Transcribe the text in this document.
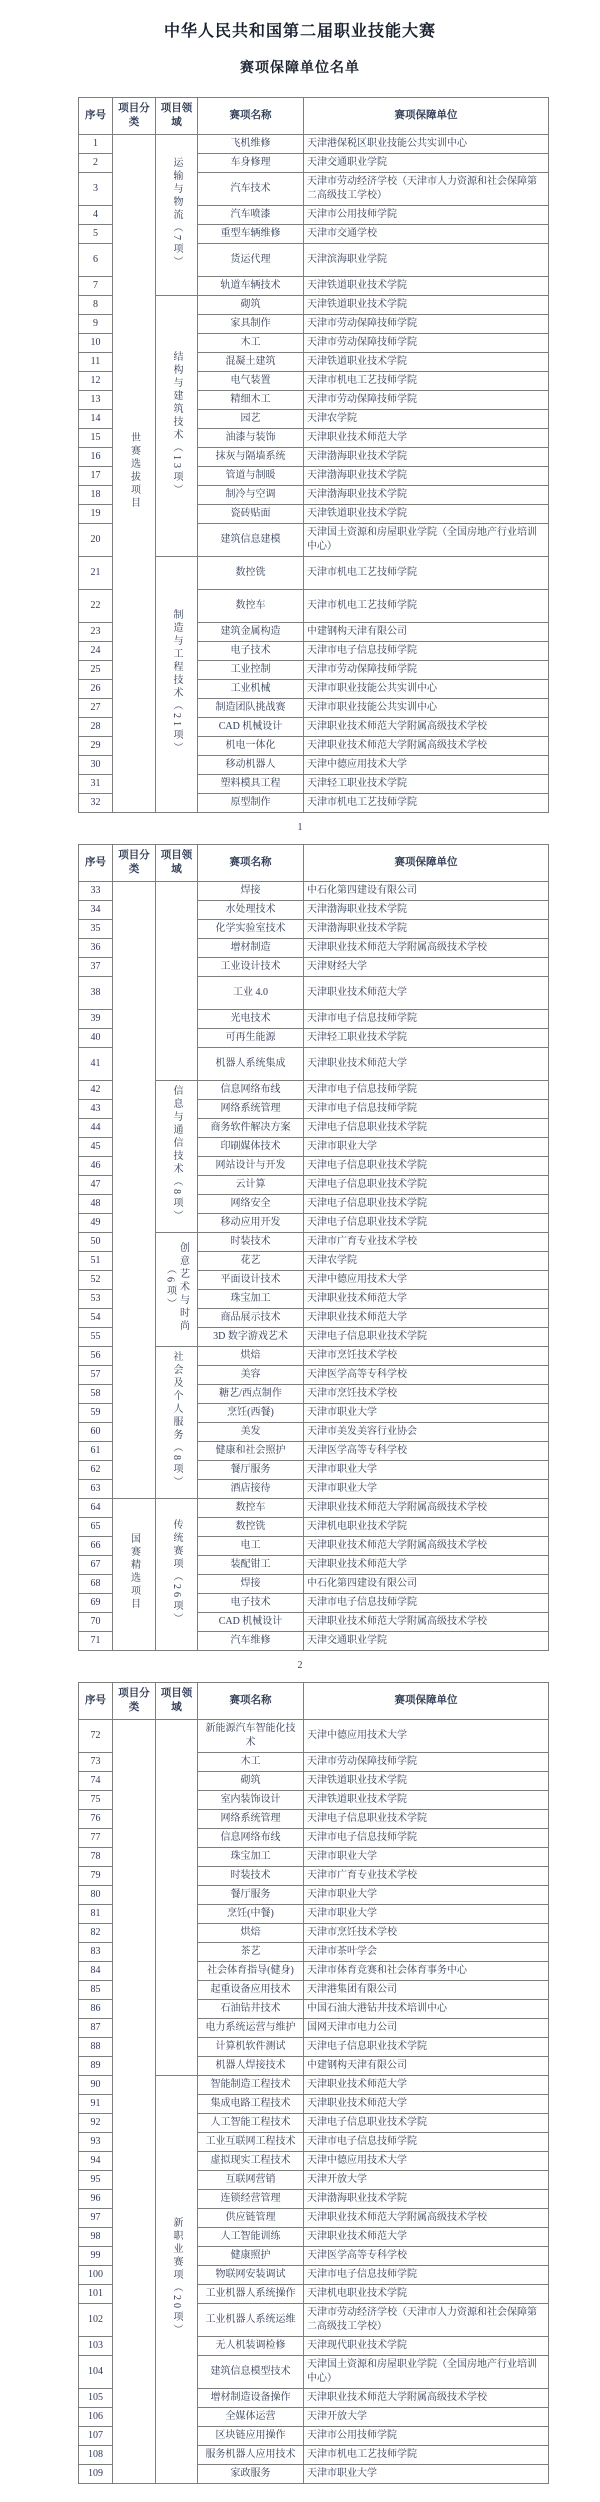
中华人民共和国第二届职业技能大赛
赛项保障单位名单
序号	项目分类	项目领域	赛项名称	赛项保障单位
1	世赛选拔项目	运输与物流（7项）	飞机维修	天津港保税区职业技能公共实训中心
2			车身修理	天津交通职业学院
3			汽车技术	天津市劳动经济学校（天津市人力资源和社会保障第二高级技工学校）
4			汽车喷漆	天津市公用技师学院
5			重型车辆维修	天津市交通学校
6			货运代理	天津滨海职业学院
7			轨道车辆技术	天津铁道职业技术学院
8		结构与建筑技术（13项）	砌筑	天津铁道职业技术学院
9			家具制作	天津市劳动保障技师学院
10			木工	天津市劳动保障技师学院
11			混凝土建筑	天津铁道职业技术学院
12			电气装置	天津市机电工艺技师学院
13			精细木工	天津市劳动保障技师学院
14			园艺	天津农学院
15			油漆与装饰	天津职业技术师范大学
16			抹灰与隔墙系统	天津渤海职业技术学院
17			管道与制暖	天津渤海职业技术学院
18			制冷与空调	天津渤海职业技术学院
19			瓷砖贴面	天津铁道职业技术学院
20			建筑信息建模	天津国土资源和房屋职业学院（全国房地产行业培训中心）
21		制造与工程技术（21项）	数控铣	天津市机电工艺技师学院
22			数控车	天津市机电工艺技师学院
23			建筑金属构造	中建钢构天津有限公司
24			电子技术	天津市电子信息技师学院
25			工业控制	天津市劳动保障技师学院
26			工业机械	天津市职业技能公共实训中心
27			制造团队挑战赛	天津市职业技能公共实训中心
28			CAD 机械设计	天津职业技术师范大学附属高级技术学校
29			机电一体化	天津职业技术师范大学附属高级技术学校
30			移动机器人	天津中德应用技术大学
31			塑料模具工程	天津轻工职业技术学院
32			原型制作	天津市机电工艺技师学院
1
序号	项目分类	项目领域	赛项名称	赛项保障单位
33			焊接	中石化第四建设有限公司
34			水处理技术	天津渤海职业技术学院
35			化学实验室技术	天津渤海职业技术学院
36			增材制造	天津职业技术师范大学附属高级技术学校
37			工业设计技术	天津财经大学
38			工业 4.0	天津职业技术师范大学
39			光电技术	天津市电子信息技师学院
40			可再生能源	天津轻工职业技术学院
41			机器人系统集成	天津职业技术师范大学
42		信息与通信技术（8项）	信息网络布线	天津市电子信息技师学院
43			网络系统管理	天津市电子信息技师学院
44			商务软件解决方案	天津电子信息职业技术学院
45			印刷媒体技术	天津市职业大学
46			网站设计与开发	天津电子信息职业技术学院
47			云计算	天津电子信息职业技术学院
48			网络安全	天津电子信息职业技术学院
49			移动应用开发	天津电子信息职业技术学院
50		创意艺术与时尚（6项）	时装技术	天津市广育专业技术学校
51			花艺	天津农学院
52			平面设计技术	天津中德应用技术大学
53			珠宝加工	天津职业技术师范大学
54			商品展示技术	天津职业技术师范大学
55			3D 数字游戏艺术	天津电子信息职业技术学院
56		社会及个人服务（8项）	烘焙	天津市烹饪技术学校
57			美容	天津医学高等专科学校
58			糖艺/西点制作	天津市烹饪技术学校
59			烹饪(西餐)	天津市职业大学
60			美发	天津市美发美容行业协会
61			健康和社会照护	天津医学高等专科学校
62			餐厅服务	天津市职业大学
63			酒店接待	天津市职业大学
64	国赛精选项目	传统赛项（26项）	数控车	天津职业技术师范大学附属高级技术学校
65			数控铣	天津机电职业技术学院
66			电工	天津职业技术师范大学附属高级技术学校
67			装配钳工	天津职业技术师范大学
68			焊接	中石化第四建设有限公司
69			电子技术	天津市电子信息技师学院
70			CAD 机械设计	天津职业技术师范大学附属高级技术学校
71			汽车维修	天津交通职业学院
2
序号	项目分类	项目领域	赛项名称	赛项保障单位
72			新能源汽车智能化技术	天津中德应用技术大学
73			木工	天津市劳动保障技师学院
74			砌筑	天津铁道职业技术学院
75			室内装饰设计	天津铁道职业技术学院
76			网络系统管理	天津电子信息职业技术学院
77			信息网络布线	天津市电子信息技师学院
78			珠宝加工	天津市职业大学
79			时装技术	天津市广育专业技术学校
80			餐厅服务	天津市职业大学
81			烹饪(中餐)	天津市职业大学
82			烘焙	天津市烹饪技术学校
83			茶艺	天津市茶叶学会
84			社会体育指导(健身)	天津市体育竞赛和社会体育事务中心
85			起重设备应用技术	天津港集团有限公司
86			石油钻井技术	中国石油大港钻井技术培训中心
87			电力系统运营与维护	国网天津市电力公司
88			计算机软件测试	天津电子信息职业技术学院
89			机器人焊接技术	中建钢构天津有限公司
90		新职业赛项（20项）	智能制造工程技术	天津职业技术师范大学
91			集成电路工程技术	天津职业技术师范大学
92			人工智能工程技术	天津电子信息职业技术学院
93			工业互联网工程技术	天津市电子信息技师学院
94			虚拟现实工程技术	天津中德应用技术大学
95			互联网营销	天津开放大学
96			连锁经营管理	天津渤海职业技术学院
97			供应链管理	天津职业技术师范大学附属高级技术学校
98			人工智能训练	天津职业技术师范大学
99			健康照护	天津医学高等专科学校
100			物联网安装调试	天津市电子信息技师学院
101			工业机器人系统操作	天津机电职业技术学院
102			工业机器人系统运维	天津市劳动经济学校（天津市人力资源和社会保障第二高级技工学校）
103			无人机装调检修	天津现代职业技术学院
104			建筑信息模型技术	天津国土资源和房屋职业学院（全国房地产行业培训中心）
105			增材制造设备操作	天津职业技术师范大学附属高级技术学校
106			全媒体运营	天津开放大学
107			区块链应用操作	天津市公用技师学院
108			服务机器人应用技术	天津市机电工艺技师学院
109			家政服务	天津市职业大学
